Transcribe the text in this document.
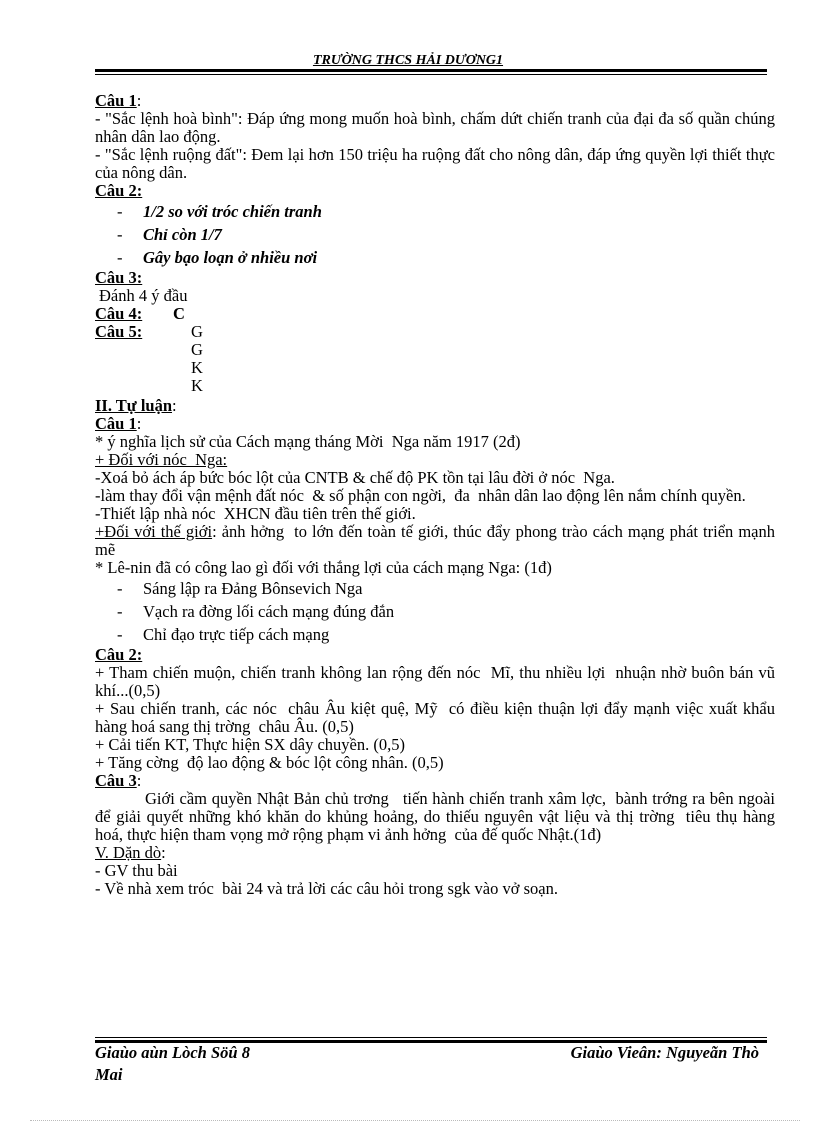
TRƯỜNG THCS HẢI DƯƠNG1
Câu 1:
- "Sắc lệnh hoà bình": Đáp ứng mong muốn hoà bình, chấm dứt chiến tranh của đại đa số quần chúng nhân dân lao động.
- "Sắc lệnh ruộng đất": Đem lại hơn 150 triệu ha ruộng đất cho nông dân, đáp ứng quyền lợi thiết thực của nông dân.
Câu 2:
- 1/2 so với tróc chiến tranh
- Chỉ còn 1/7
- Gây bạo loạn ở nhiều nơi
Câu 3:
Đánh 4 ý đầu
Câu 4: C
Câu 5:	G
G
K
K
II. Tự luận:
Câu 1:
* ý nghĩa lịch sử của Cách mạng tháng Mời  Nga năm 1917 (2đ)
+ Đối với nóc  Nga:
-Xoá bỏ ách áp bức bóc lột của CNTB & chế độ PK tồn tại lâu đời ở nóc  Nga.
-làm thay đổi vận mệnh đất nóc  & số phận con ngời,  đa  nhân dân lao động lên nắm chính quyền.
-Thiết lập nhà nóc  XHCN đầu tiên trên thế giới.
+Đối với thế giới: ảnh hởng  to lớn đến toàn tế giới, thúc đẩy phong trào cách mạng phát triển mạnh mẽ
* Lê-nin đã có công lao gì đối với thắng lợi của cách mạng Nga: (1đ)
- Sáng lập ra Đảng Bônsevich Nga
- Vạch ra đờng lối cách mạng đúng đắn
- Chỉ đạo trực tiếp cách mạng
Câu 2:
+ Tham chiến muộn, chiến tranh không lan rộng đến nóc  Mĩ, thu nhiều lợi  nhuận nhờ buôn bán vũ khí...(0,5)
+ Sau chiến tranh, các nóc  châu Âu kiệt quệ, Mỹ  có điều kiện thuận lợi đẩy mạnh việc xuất khẩu hàng hoá sang thị trờng  châu Âu. (0,5)
+ Cải tiến KT, Thực hiện SX dây chuyền. (0,5)
+ Tăng cờng  độ lao động & bóc lột công nhân. (0,5)
Câu 3:
Giới cầm quyền Nhật Bản chủ trơng   tiến hành chiến tranh xâm lợc,  bành trớng ra bên ngoài để giải quyết những khó khăn do khủng hoảng, do thiếu nguyên vật liệu và thị trờng  tiêu thụ hàng hoá, thực hiện tham vọng mở rộng phạm vi ảnh hởng  của đế quốc Nhật.(1đ)
V. Dặn dò:
- GV thu bài
- Về nhà xem tróc  bài 24 và trả lời các câu hỏi trong sgk vào vở soạn.
Giaùo aùn Lòch Söû 8	Giaùo Vieân: Nguyeãn Thò
Mai
